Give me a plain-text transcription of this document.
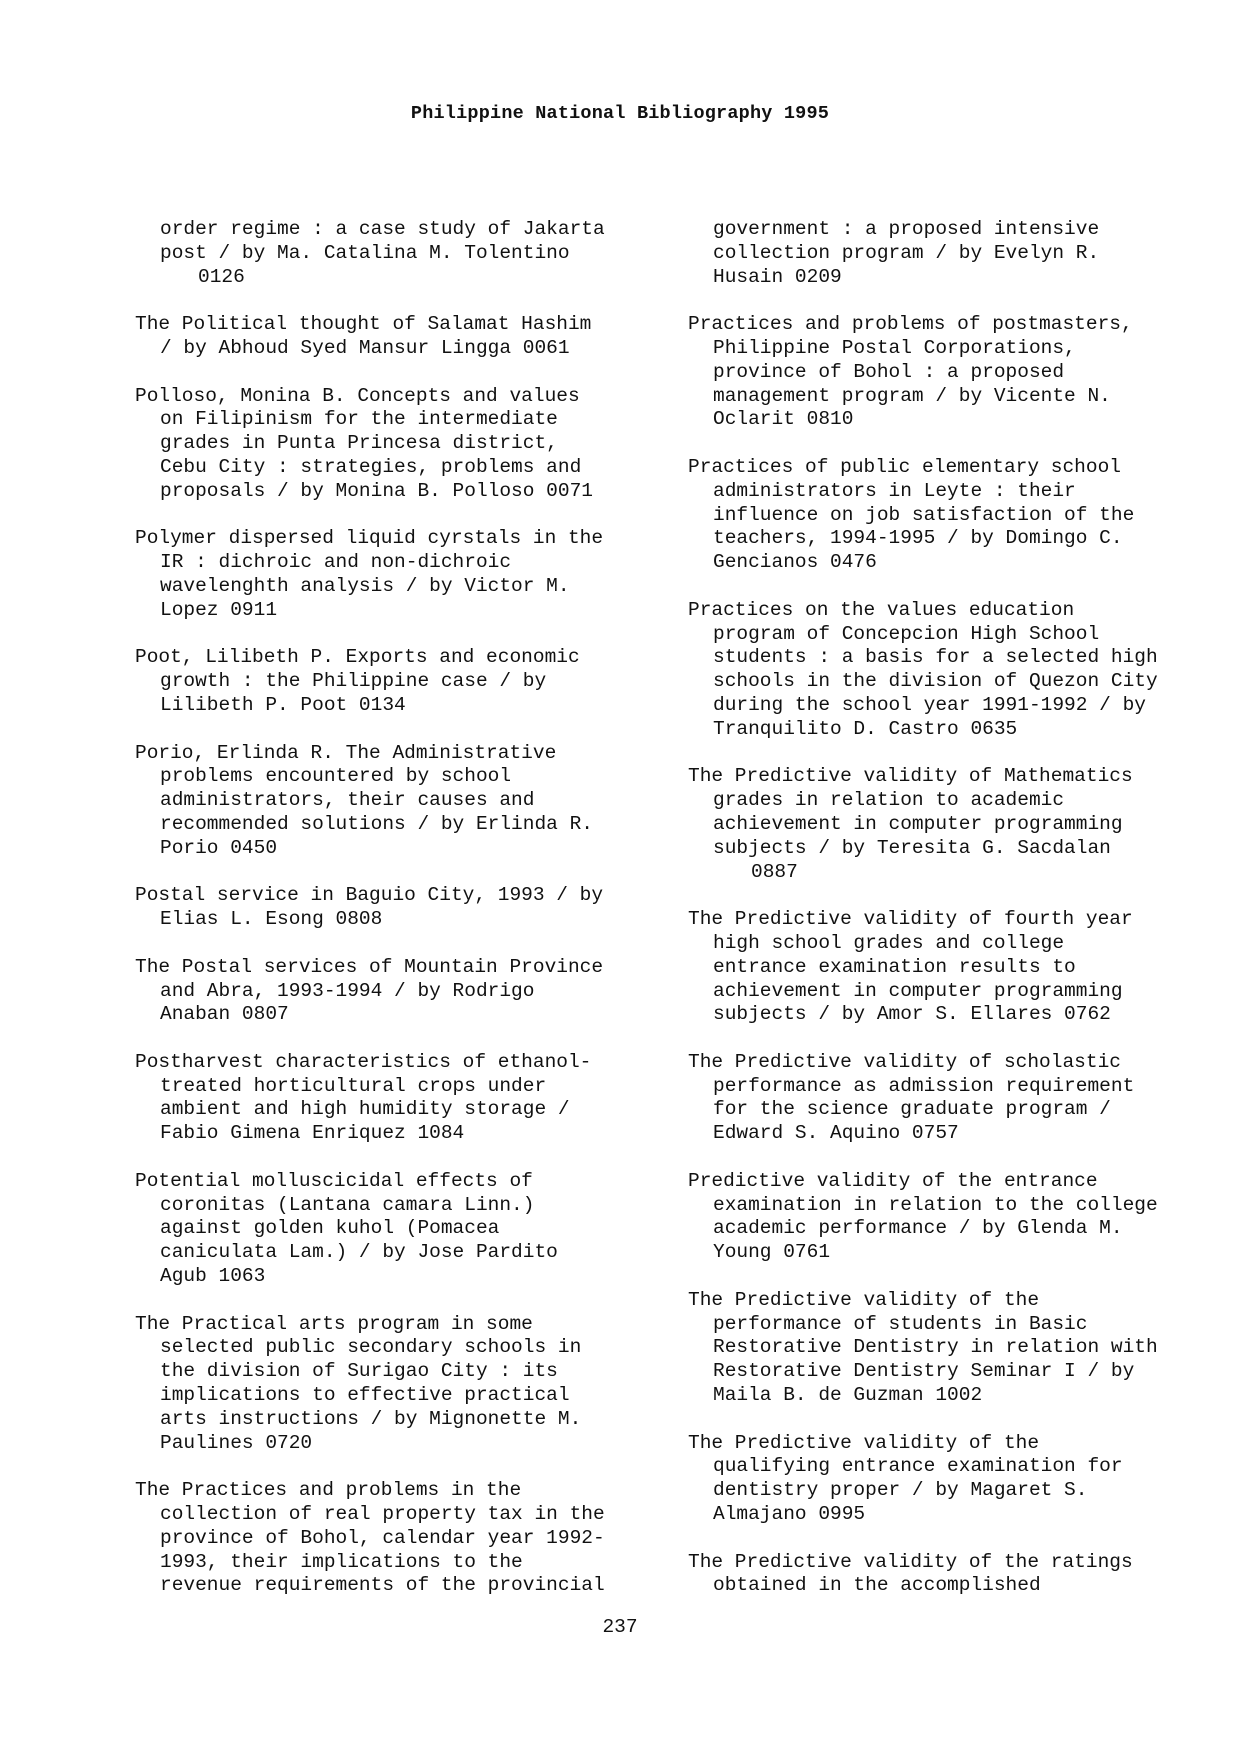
Philippine National Bibliography 1995
order regime : a case study of Jakarta
post / by Ma. Catalina M. Tolentino
0126
The Political thought of Salamat Hashim
/ by Abhoud Syed Mansur Lingga 0061
Polloso, Monina B. Concepts and values
on Filipinism for the intermediate
grades in Punta Princesa district,
Cebu City : strategies, problems and
proposals / by Monina B. Polloso 0071
Polymer dispersed liquid cyrstals in the
IR : dichroic and non-dichroic
wavelenghth analysis / by Victor M.
Lopez 0911
Poot, Lilibeth P. Exports and economic
growth : the Philippine case / by
Lilibeth P. Poot 0134
Porio, Erlinda R. The Administrative
problems encountered by school
administrators, their causes and
recommended solutions / by Erlinda R.
Porio 0450
Postal service in Baguio City, 1993 / by
Elias L. Esong 0808
The Postal services of Mountain Province
and Abra, 1993-1994 / by Rodrigo
Anaban 0807
Postharvest characteristics of ethanol-
treated horticultural crops under
ambient and high humidity storage /
Fabio Gimena Enriquez 1084
Potential molluscicidal effects of
coronitas (Lantana camara Linn.)
against golden kuhol (Pomacea
caniculata Lam.) / by Jose Pardito
Agub 1063
The Practical arts program in some
selected public secondary schools in
the division of Surigao City : its
implications to effective practical
arts instructions / by Mignonette M.
Paulines 0720
The Practices and problems in the
collection of real property tax in the
province of Bohol, calendar year 1992-
1993, their implications to the
revenue requirements of the provincial
government : a proposed intensive
collection program / by Evelyn R.
Husain 0209
Practices and problems of postmasters,
Philippine Postal Corporations,
province of Bohol : a proposed
management program / by Vicente N.
Oclarit 0810
Practices of public elementary school
administrators in Leyte : their
influence on job satisfaction of the
teachers, 1994-1995 / by Domingo C.
Gencianos 0476
Practices on the values education
program of Concepcion High School
students : a basis for a selected high
schools in the division of Quezon City
during the school year 1991-1992 / by
Tranquilito D. Castro 0635
The Predictive validity of Mathematics
grades in relation to academic
achievement in computer programming
subjects / by Teresita G. Sacdalan
0887
The Predictive validity of fourth year
high school grades and college
entrance examination results to
achievement in computer programming
subjects / by Amor S. Ellares 0762
The Predictive validity of scholastic
performance as admission requirement
for the science graduate program /
Edward S. Aquino 0757
Predictive validity of the entrance
examination in relation to the college
academic performance / by Glenda M.
Young 0761
The Predictive validity of the
performance of students in Basic
Restorative Dentistry in relation with
Restorative Dentistry Seminar I / by
Maila B. de Guzman 1002
The Predictive validity of the
qualifying entrance examination for
dentistry proper / by Magaret S.
Almajano 0995
The Predictive validity of the ratings
obtained in the accomplished
237
